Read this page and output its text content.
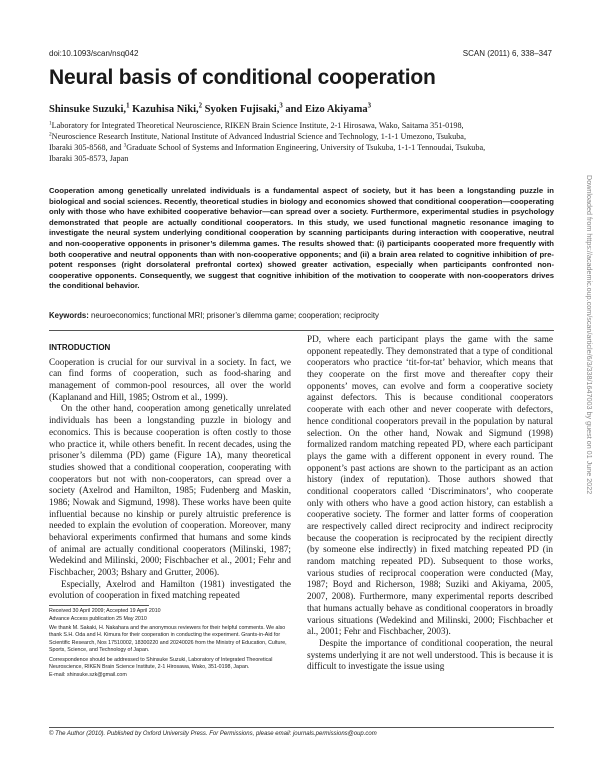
doi:10.1093/scan/nsq042	SCAN (2011) 6, 338–347
Neural basis of conditional cooperation
Shinsuke Suzuki,$^1$ Kazuhisa Niki,$^2$ Syoken Fujisaki,$^3$ and Eizo Akiyama$^3$
$^1$Laboratory for Integrated Theoretical Neuroscience, RIKEN Brain Science Institute, 2-1 Hirosawa, Wako, Saitama 351-0198,
$^2$Neuroscience Research Institute, National Institute of Advanced Industrial Science and Technology, 1-1-1 Umezono, Tsukuba,
Ibaraki 305-8568, and $^3$Graduate School of Systems and Information Engineering, University of Tsukuba, 1-1-1 Tennoudai, Tsukuba,
Ibaraki 305-8573, Japan
Cooperation among genetically unrelated individuals is a fundamental aspect of society, but it has been a longstanding puzzle in biological and social sciences. Recently, theoretical studies in biology and economics showed that conditional cooperation—cooperating only with those who have exhibited cooperative behavior—can spread over a society. Furthermore, experimental studies in psychology demonstrated that people are actually conditional cooperators. In this study, we used functional magnetic resonance imaging to investigate the neural system underlying conditional cooperation by scanning participants during interaction with cooperative, neutral and non-cooperative opponents in prisoner’s dilemma games. The results showed that: (i) participants cooperated more frequently with both cooperative and neutral opponents than with non-cooperative opponents; and (ii) a brain area related to cognitive inhibition of pre-potent responses (right dorsolateral prefrontal cortex) showed greater activation, especially when participants confronted non-cooperative opponents. Consequently, we suggest that cognitive inhibition of the motivation to cooperate with non-cooperators drives the conditional behavior.
Keywords: neuroeconomics; functional MRI; prisoner’s dilemma game; cooperation; reciprocity

INTRODUCTION

Cooperation is crucial for our survival in a society. In fact, we can find forms of cooperation, such as food-sharing and management of common-pool resources, all over the world (Kaplanand and Hill, 1985; Ostrom et al., 1999).

On the other hand, cooperation among genetically unrelated individuals has been a longstanding puzzle in biology and economics. This is because cooperation is often costly to those who practice it, while others benefit. In recent decades, using the prisoner’s dilemma (PD) game (Figure 1A), many theoretical studies showed that a conditional cooperation, cooperating with cooperators but not with non-cooperators, can spread over a society (Axelrod and Hamilton, 1985; Fudenberg and Maskin, 1986; Nowak and Sigmund, 1998). These works have been quite influential because no kinship or purely altruistic preference is needed to explain the evolution of cooperation. Moreover, many behavioral experiments confirmed that humans and some kinds of animal are actually conditional cooperators (Milinski, 1987; Wedekind and Milinski, 2000; Fischbacher et al., 2001; Fehr and Fischbacher, 2003; Bshary and Grutter, 2006).

Especially, Axelrod and Hamilton (1981) investigated the evolution of cooperation in fixed matching repeated

PD, where each participant plays the game with the same opponent repeatedly. They demonstrated that a type of conditional cooperators who practice ‘tit-for-tat’ behavior, which means that they cooperate on the first move and thereafter copy their opponents’ moves, can evolve and form a cooperative society against defectors. This is because conditional cooperators cooperate with each other and never cooperate with defectors, hence conditional cooperators prevail in the population by natural selection. On the other hand, Nowak and Sigmund (1998) formalized random matching repeated PD, where each participant plays the game with a different opponent in every round. The opponent’s past actions are shown to the participant as an action history (index of reputation). Those authors showed that conditional cooperators called ‘Discriminators’, who cooperate only with others who have a good action history, can establish a cooperative society. The former and latter forms of cooperation are respectively called direct reciprocity and indirect reciprocity because the cooperation is reciprocated by the recipient directly (by someone else indirectly) in fixed matching repeated PD (in random matching repeated PD). Subsequent to those works, various studies of reciprocal cooperation were conducted (May, 1987; Boyd and Richerson, 1988; Suziki and Akiyama, 2005, 2007, 2008). Furthermore, many experimental reports described that humans actually behave as conditional cooperators in broadly various situations (Wedekind and Milinski, 2000; Fischbacher et al., 2001; Fehr and Fischbacher, 2003).

Despite the importance of conditional cooperation, the neural systems underlying it are not well understood. This is because it is difficult to investigate the issue using

Received 30 April 2009; Accepted 19 April 2010

Advance Access publication 25 May 2010

We thank M. Sakaki, H. Nakahara and the anonymous reviewers for their helpful comments. We also thank S.H. Oda and H. Kimura for their cooperation in conducting the experiment. Grants-in-Aid for Scientific Research, Nos 17510002, 18300220 and 20240026 from the Ministry of Education, Culture, Sports, Science, and Technology of Japan.

Correspondence should be addressed to Shinsuke Suzuki, Laboratory of Integrated Theoretical Neuroscience, RIKEN Brain Science Institute, 2-1 Hirosawa, Wako, 351-0198, Japan.

E-mail: shinsuke.szk@gmail.com

© The Author (2010). Published by Oxford University Press. For Permissions, please email: journals.permissions@oup.com
Downloaded from https://academic.oup.com/scan/article/6/3/338/1647003 by guest on 01 June 2022
